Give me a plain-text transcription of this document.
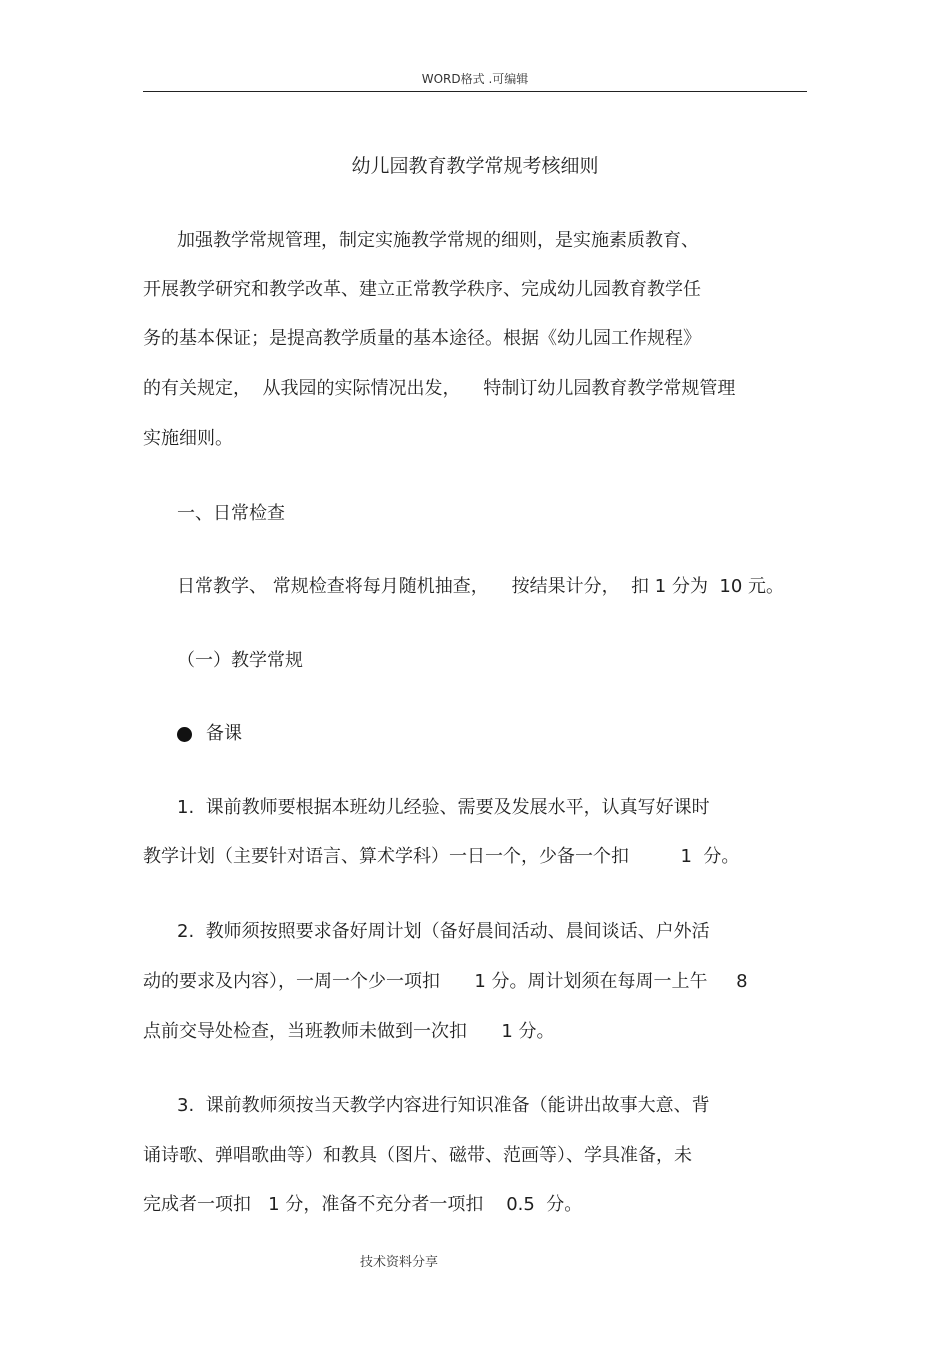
WORD格式 .可编辑
幼儿园教育教学常规考核细则
加强教学常规管理，制定实施教学常规的细则，是实施素质教育、
开展教学研究和教学改革、建立正常教学秩序、完成幼儿园教育教学任
务的基本保证；是提高教学质量的基本途径。根据《幼儿园工作规程》
的有关规定，  从我园的实际情况出发，    特制订幼儿园教育教学常规管理
实施细则。
一、日常检查
日常教学、 常规检查将每月随机抽查，    按结果计分，  扣 1 分为  10 元。
（一）教学常规
备课
1.  课前教师要根据本班幼儿经验、需要及发展水平，认真写好课时
教学计划（主要针对语言、算术学科）一日一个，少备一个扣         1  分。
2.  教师须按照要求备好周计划（备好晨间活动、晨间谈话、户外活
动的要求及内容），一周一个少一项扣      1 分。周计划须在每周一上午     8
点前交导处检查，当班教师未做到一次扣      1 分。
3.  课前教师须按当天教学内容进行知识准备（能讲出故事大意、背
诵诗歌、弹唱歌曲等）和教具（图片、磁带、范画等）、学具准备，未
完成者一项扣   1 分，准备不充分者一项扣    0.5  分。
技术资料分享
